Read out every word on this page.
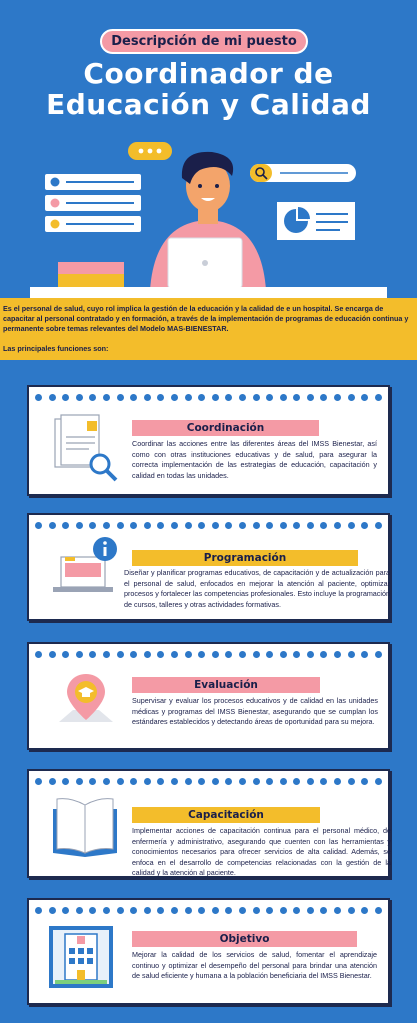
Descripción de mi puesto
Coordinador de
Educación y Calidad

Es el personal de salud, cuyo rol implica la gestión de la educación y la calidad de e un hospital. Se encarga de capacitar al personal contratado y en formación, a través de la implementación de programas de educación continua y permanente sobre temas relevantes del Modelo MAS-BIENESTAR.

Las principales funciones son:

Coordinación
Coordinar las acciones entre las diferentes áreas del IMSS Bienestar, así como con otras instituciones educativas y de salud, para asegurar la correcta implementación de las estrategias de educación, capacitación y calidad en todas las unidades.
Programación
Diseñar y planificar programas educativos, de capacitación y de actualización para el personal de salud, enfocados en mejorar la atención al paciente, optimizar procesos y fortalecer las competencias profesionales. Esto incluye la programación de cursos, talleres y otras actividades formativas.
Evaluación
Supervisar y evaluar los procesos educativos y de calidad en las unidades médicas y programas del IMSS Bienestar, asegurando que se cumplan los estándares establecidos y detectando áreas de oportunidad para su mejora.
Capacitación
Implementar acciones de capacitación continua para el personal médico, de enfermería y administrativo, asegurando que cuenten con las herramientas y conocimientos necesarios para ofrecer servicios de alta calidad. Además, se enfoca en el desarrollo de competencias relacionadas con la gestión de la calidad y la atención al paciente.
Objetivo
Mejorar la calidad de los servicios de salud, fomentar el aprendizaje continuo y optimizar el desempeño del personal para brindar una atención de salud eficiente y humana a la población beneficiaria del IMSS Bienestar.
